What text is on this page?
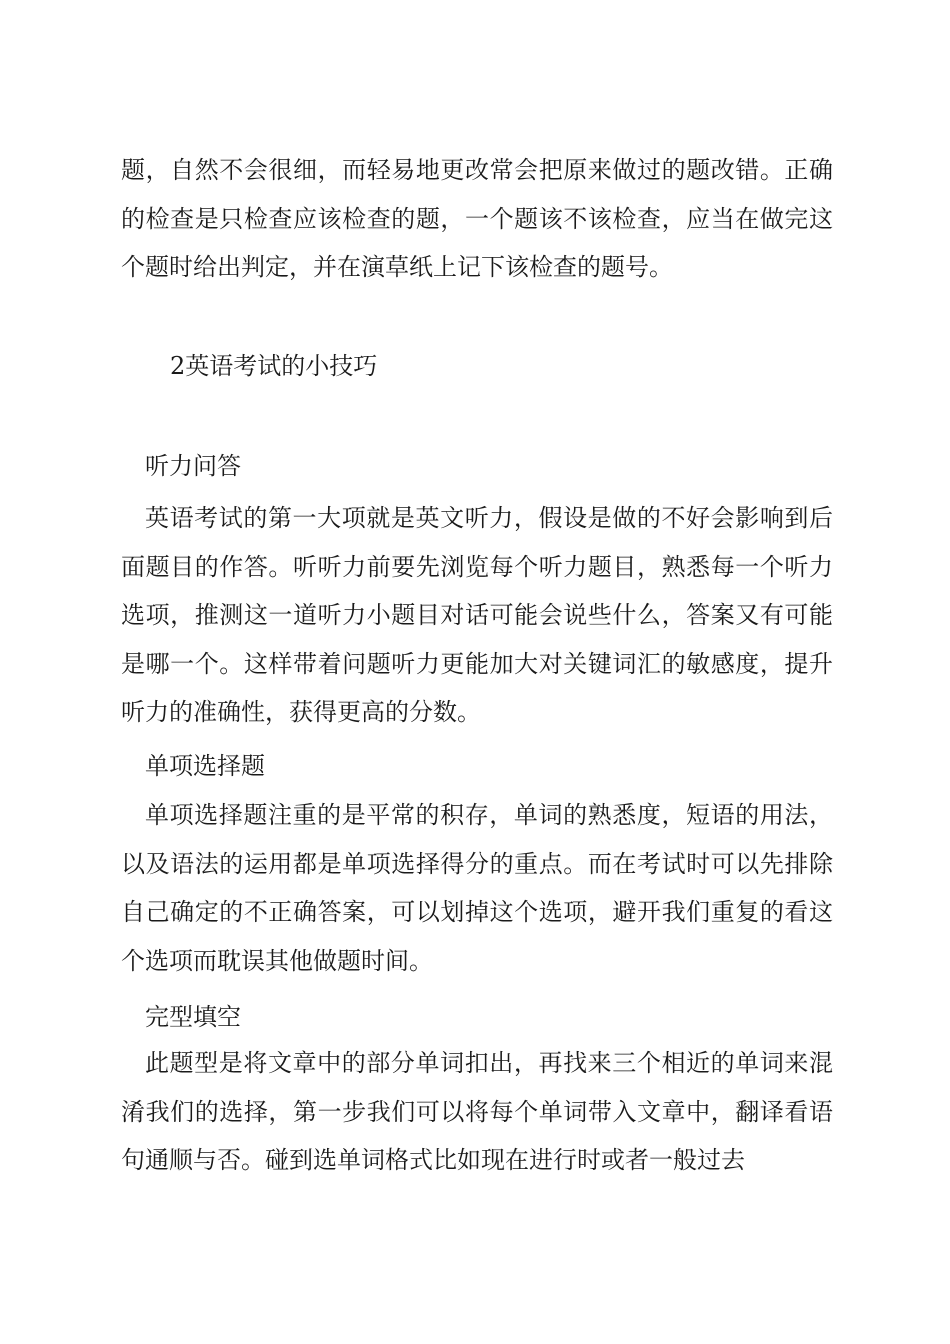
题，自然不会很细，而轻易地更改常会把原来做过的题改错。正确的检查是只检查应该检查的题，一个题该不该检查，应当在做完这个题时给出判定，并在演草纸上记下该检查的题号。

2英语考试的小技巧
听力问答

英语考试的第一大项就是英文听力，假设是做的不好会影响到后面题目的作答。听听力前要先浏览每个听力题目，熟悉每一个听力选项，推测这一道听力小题目对话可能会说些什么，答案又有可能是哪一个。这样带着问题听力更能加大对关键词汇的敏感度，提升听力的准确性，获得更高的分数。

单项选择题

单项选择题注重的是平常的积存，单词的熟悉度，短语的用法，以及语法的运用都是单项选择得分的重点。而在考试时可以先排除自己确定的不正确答案，可以划掉这个选项，避开我们重复的看这个选项而耽误其他做题时间。

完型填空

此题型是将文章中的部分单词扣出，再找来三个相近的单词来混淆我们的选择，第一步我们可以将每个单词带入文章中，翻译看语句通顺与否。碰到选单词格式比如现在进行时或者一般过去
